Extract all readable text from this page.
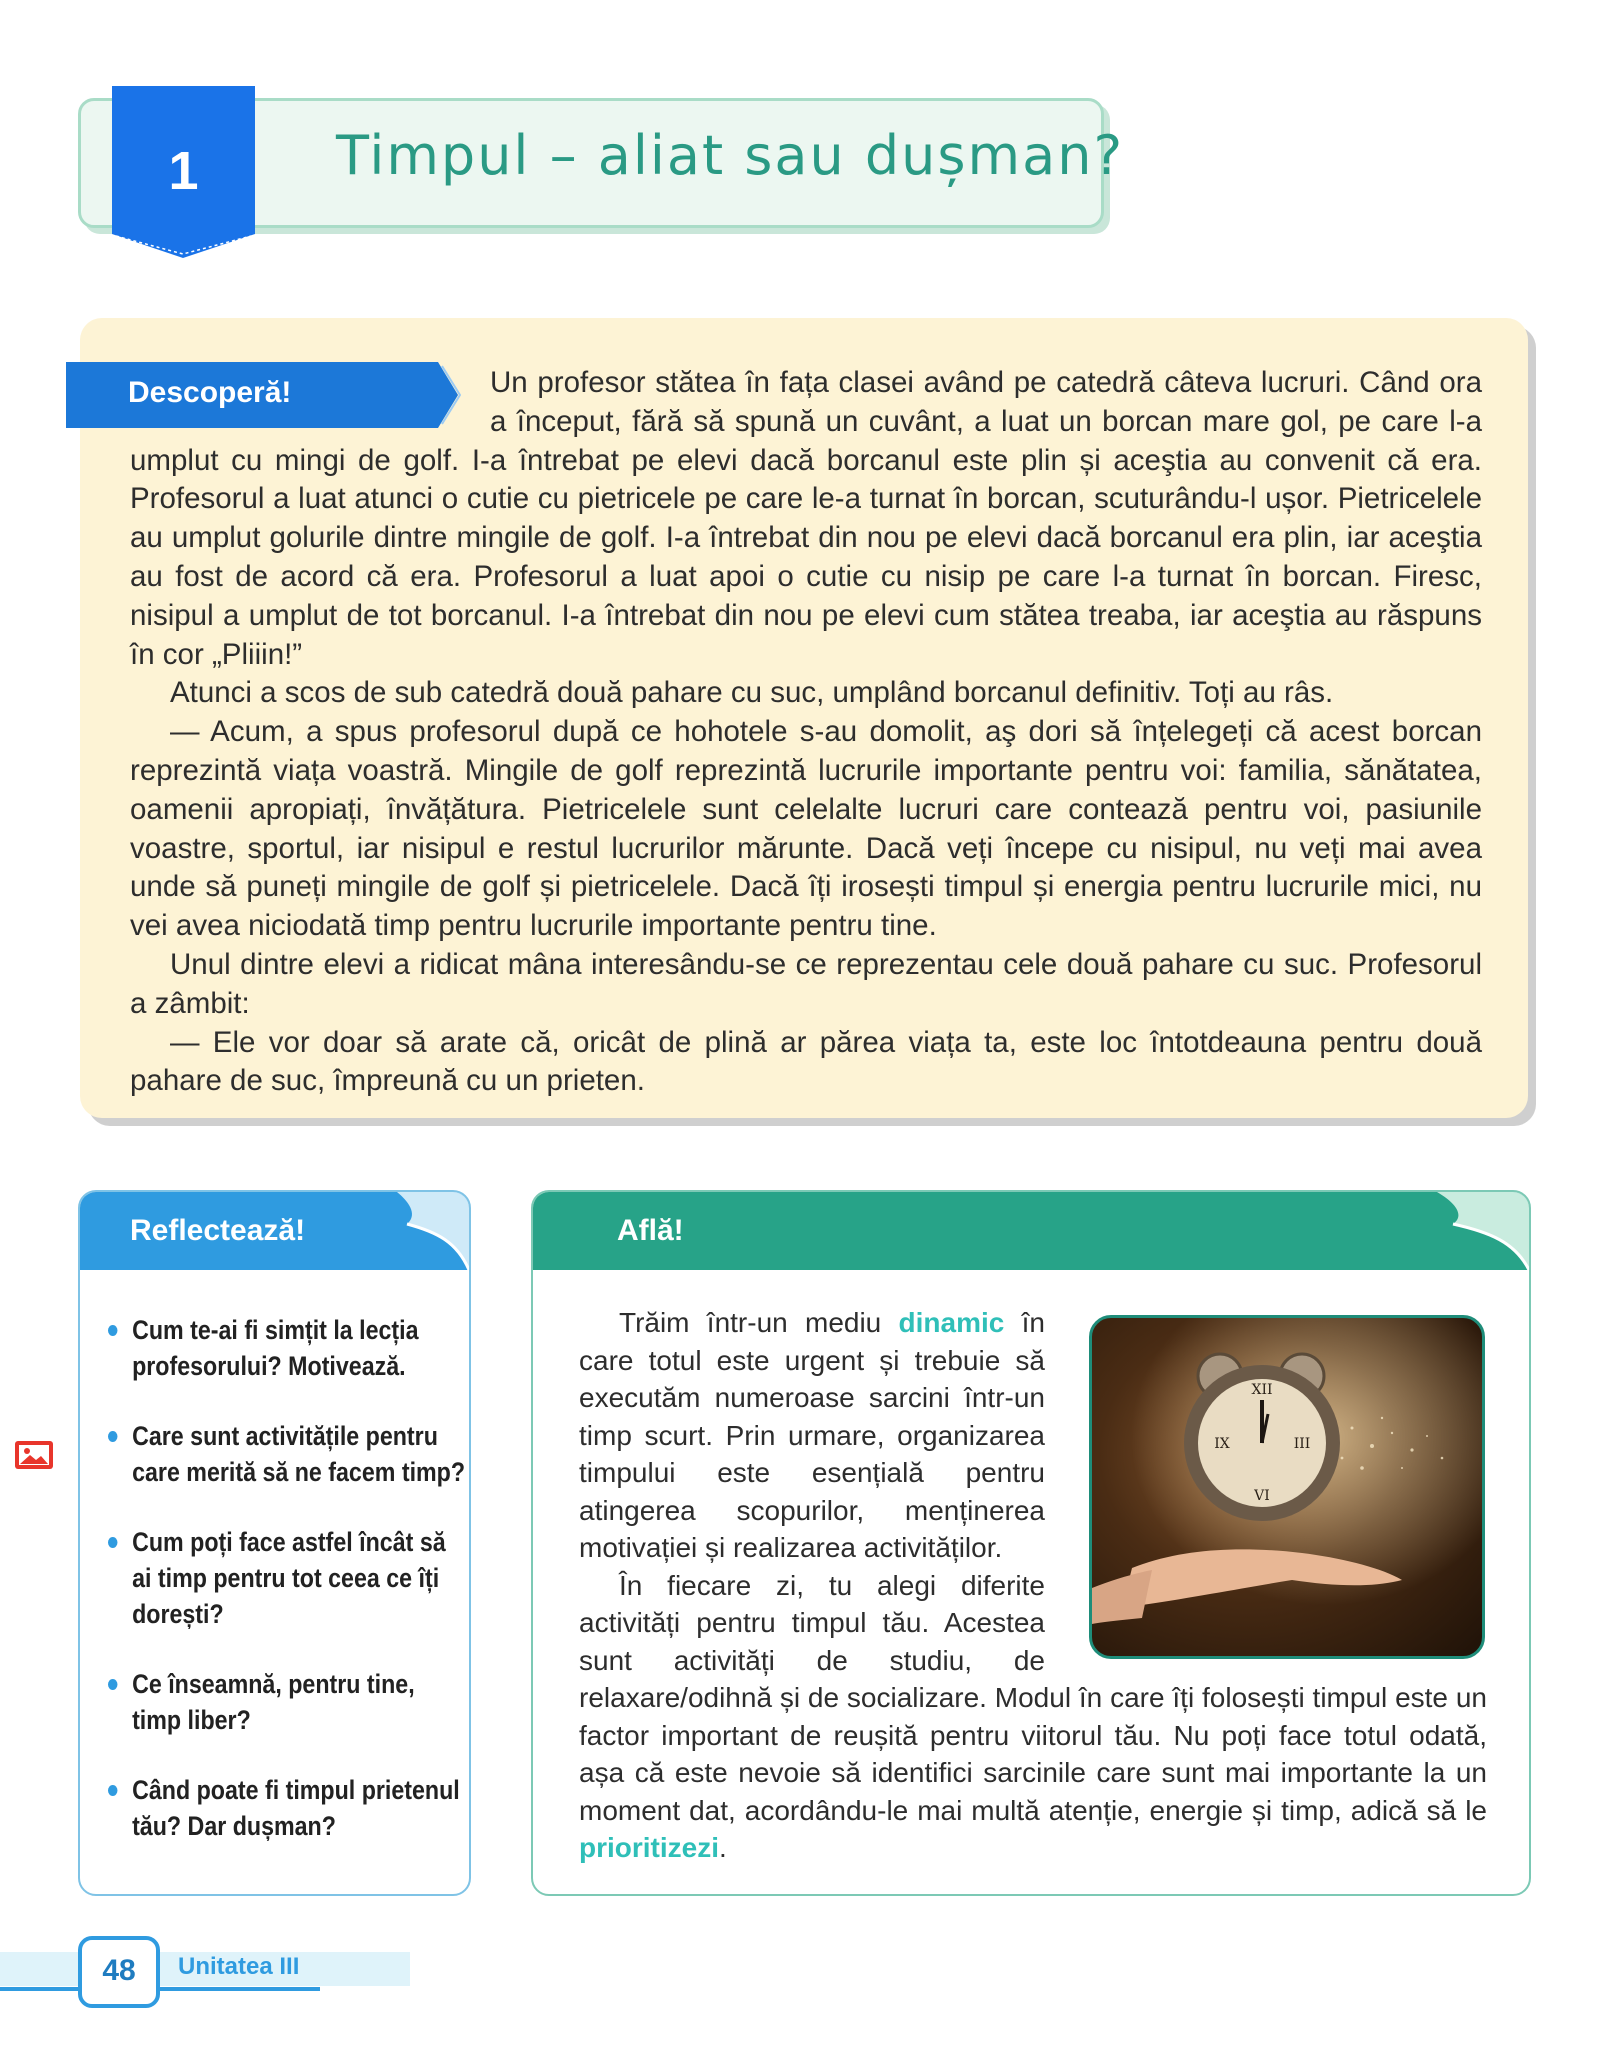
1	Timpul – aliat sau dușman?
Descoperă!	Un profesor stătea în fața clasei având pe catedră câteva lucruri. Când ora a început, fără să spună un cuvânt, a luat un borcan mare gol, pe care l-a umplut cu mingi de golf. I-a întrebat pe elevi dacă borcanul este plin și aceştia au convenit că era. Profesorul a luat atunci o cutie cu pietricele pe care le-a turnat în borcan, scuturându-l ușor. Pietricelele au umplut golurile dintre mingile de golf. I-a întrebat din nou pe elevi dacă borcanul era plin, iar aceştia au fost de acord că era. Profesorul a luat apoi o cutie cu nisip pe care l-a turnat în borcan. Firesc, nisipul a umplut de tot borcanul. I-a întrebat din nou pe elevi cum stătea treaba, iar aceştia au răspuns în cor „Pliiin!”

Atunci a scos de sub catedră două pahare cu suc, umplând borcanul definitiv. Toți au râs.

— Acum, a spus profesorul după ce hohotele s-au domolit, aş dori să înțelegeți că acest borcan reprezintă viața voastră. Mingile de golf reprezintă lucrurile importante pentru voi: familia, sănătatea, oamenii apropiați, învățătura. Pietricelele sunt celelalte lucruri care contează pentru voi, pasiunile voastre, sportul, iar nisipul e restul lucrurilor mărunte. Dacă veți începe cu nisipul, nu veți mai avea unde să puneți mingile de golf și pietricelele. Dacă îți irosești timpul și energia pentru lucrurile mici, nu vei avea niciodată timp pentru lucrurile importante pentru tine.

Unul dintre elevi a ridicat mâna interesându-se ce reprezentau cele două pahare cu suc. Profesorul a zâmbit:

— Ele vor doar să arate că, oricât de plină ar părea viața ta, este loc întotdeauna pentru două pahare de suc, împreună cu un prieten.

Reflectează!
Cum te-ai fi simțit la lecția profesorului? Motivează.
Care sunt activitățile pentru care merită să ne facem timp?
Cum poți face astfel încât să ai timp pentru tot ceea ce îți dorești?
Ce înseamnă, pentru tine, timp liber?
Când poate fi timpul prietenul tău? Dar dușman?
Află!

Trăim într-un mediu dinamic în care totul este urgent și trebuie să executăm numeroase sarcini într-un timp scurt. Prin urmare, organizarea timpului este esențială pentru atingerea scopurilor, menținerea motivației și realizarea activităților.

În fiecare zi, tu alegi diferite activități pentru timpul tău. Acestea sunt activități de studiu, de relaxare/odihnă și de socializare. Modul în care îți folosești timpul este un factor important de reușită pentru viitorul tău. Nu poți face totul odată, așa că este nevoie să identifici sarcinile care sunt mai importante la un moment dat, acordându-le mai multă atenție, energie și timp, adică să le prioritizezi.

XII
III
VI
IX
48	Unitatea III
